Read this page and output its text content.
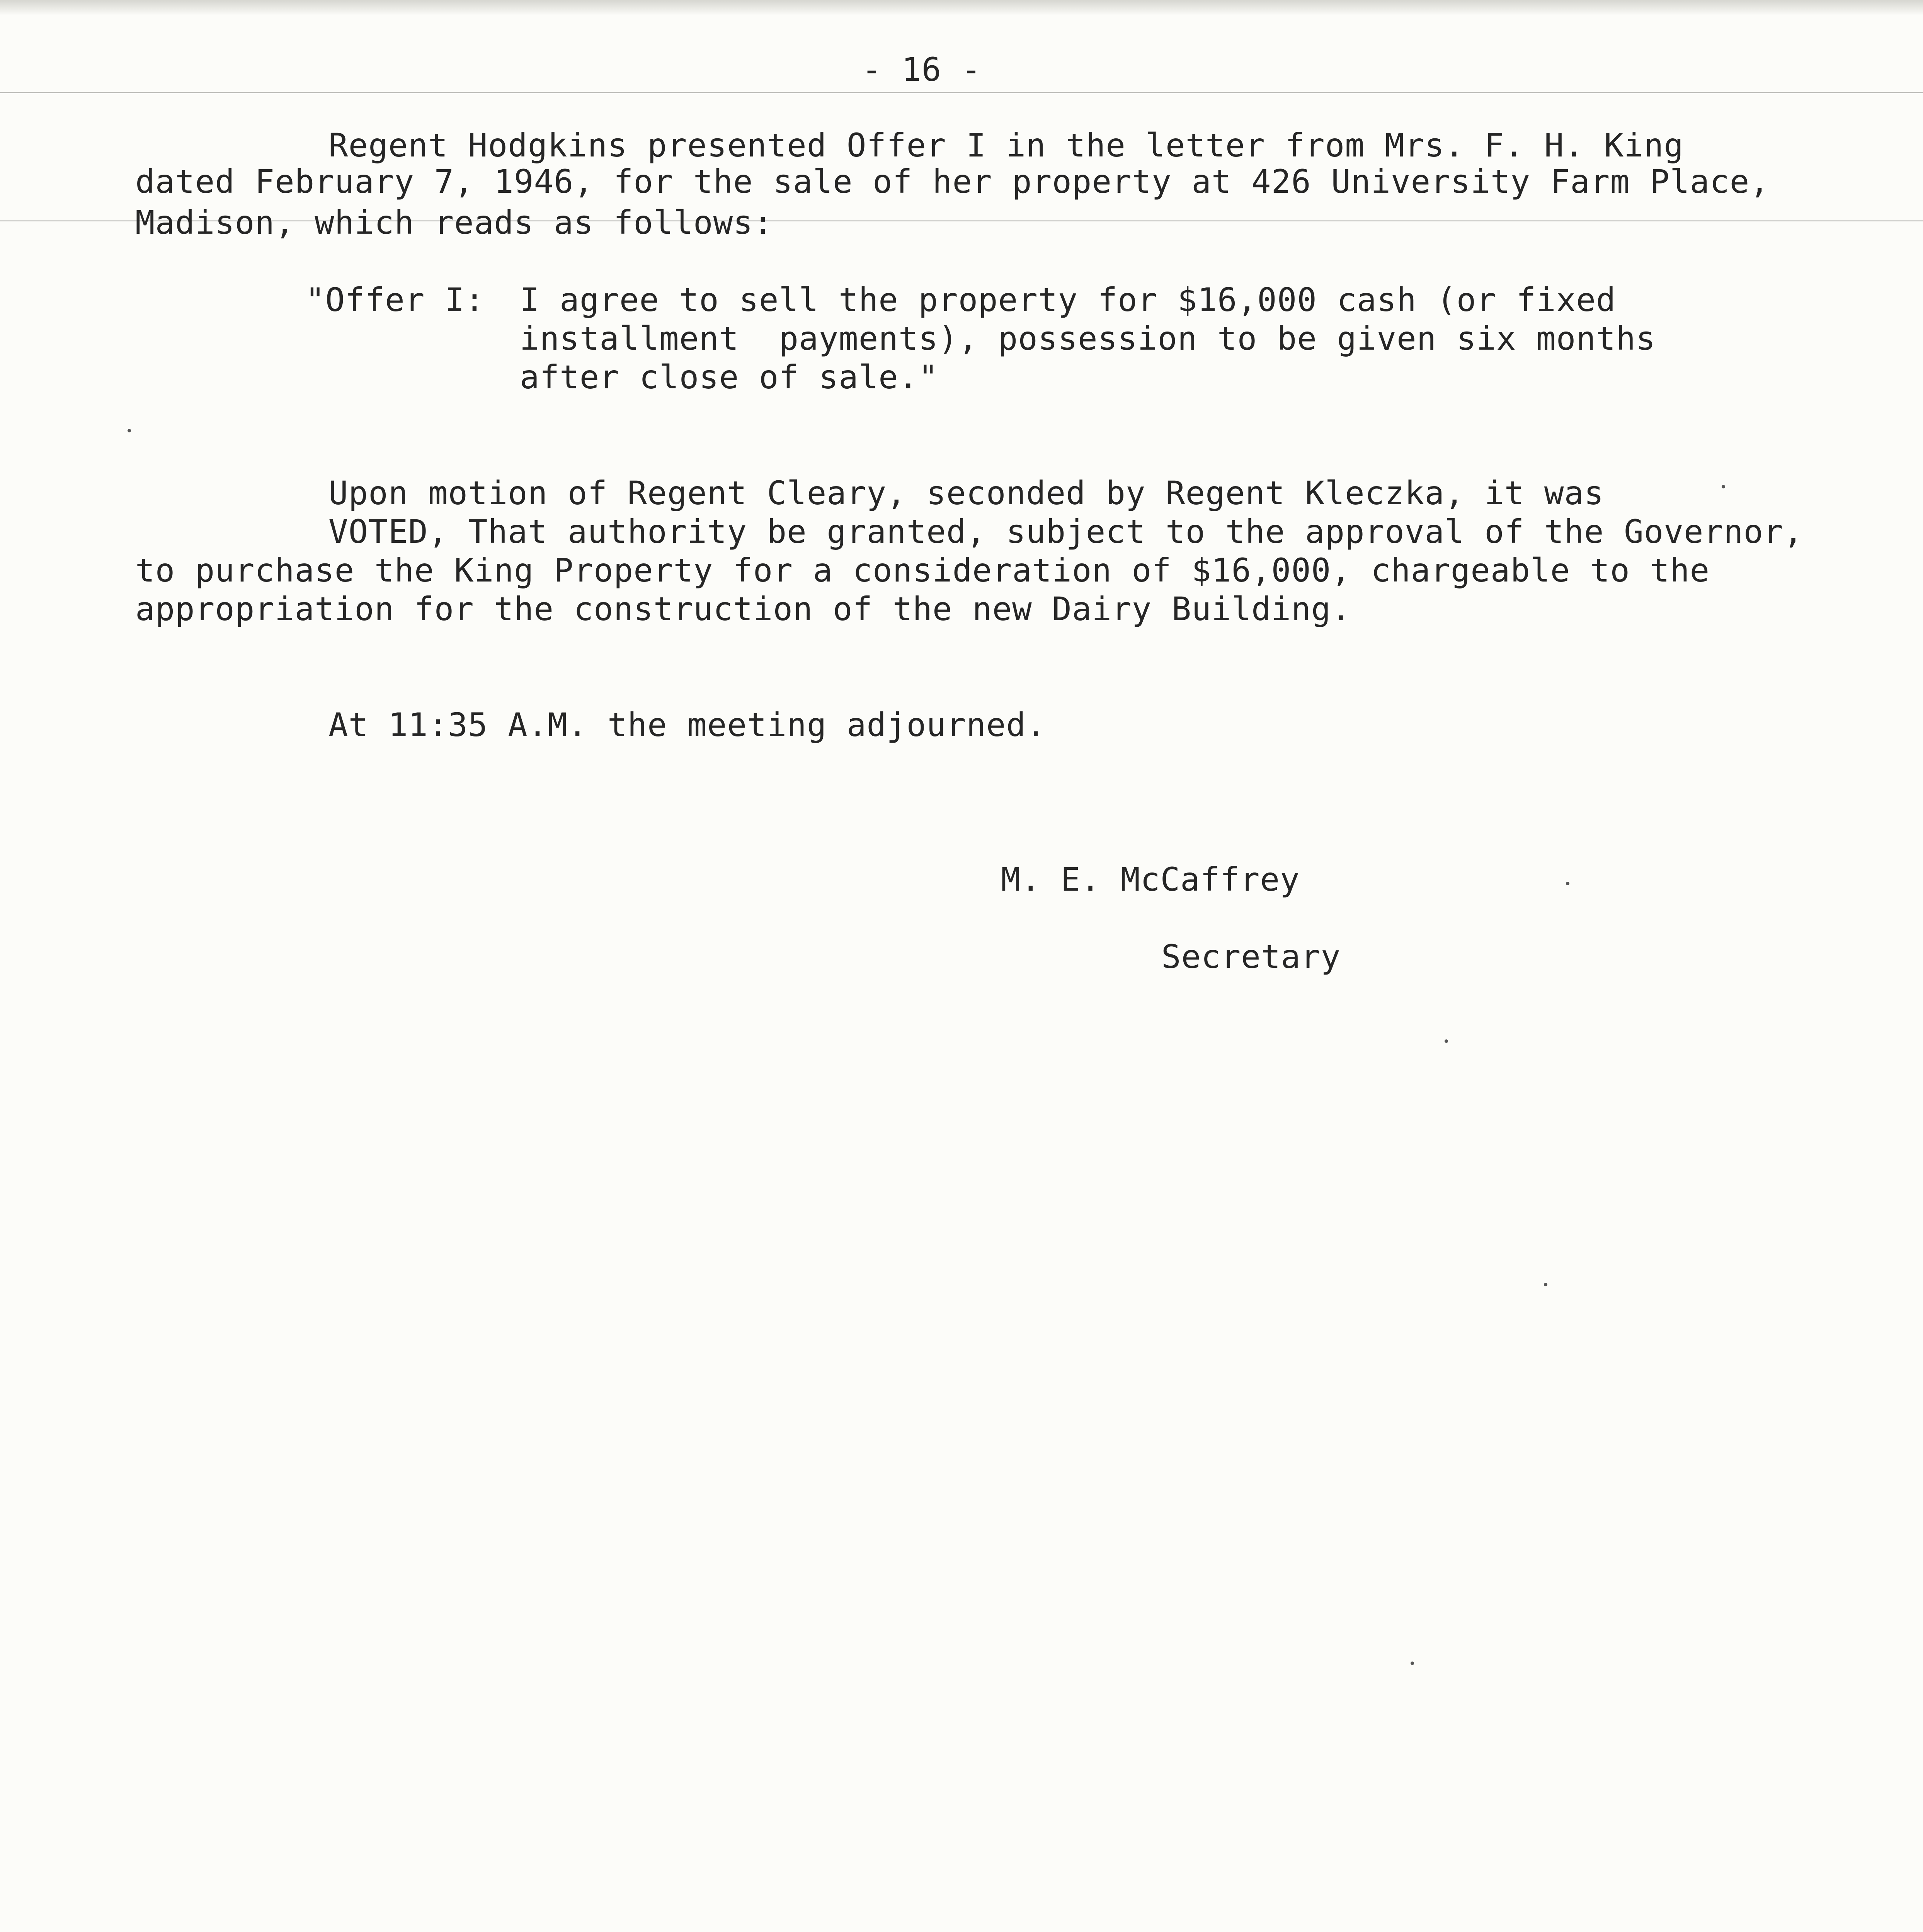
- 16 -
Regent Hodgkins presented Offer I in the letter from Mrs. F. H. King
dated February 7, 1946, for the sale of her property at 426 University Farm Place,
Madison, which reads as follows:
"Offer I: I agree to sell the property for $16,000 cash (or fixed
installment  payments), possession to be given six months
after close of sale."
Upon motion of Regent Cleary, seconded by Regent Kleczka, it was
VOTED, That authority be granted, subject to the approval of the Governor,
to purchase the King Property for a consideration of $16,000, chargeable to the
appropriation for the construction of the new Dairy Building.
At 11:35 A.M. the meeting adjourned.
M. E. McCaffrey
Secretary
